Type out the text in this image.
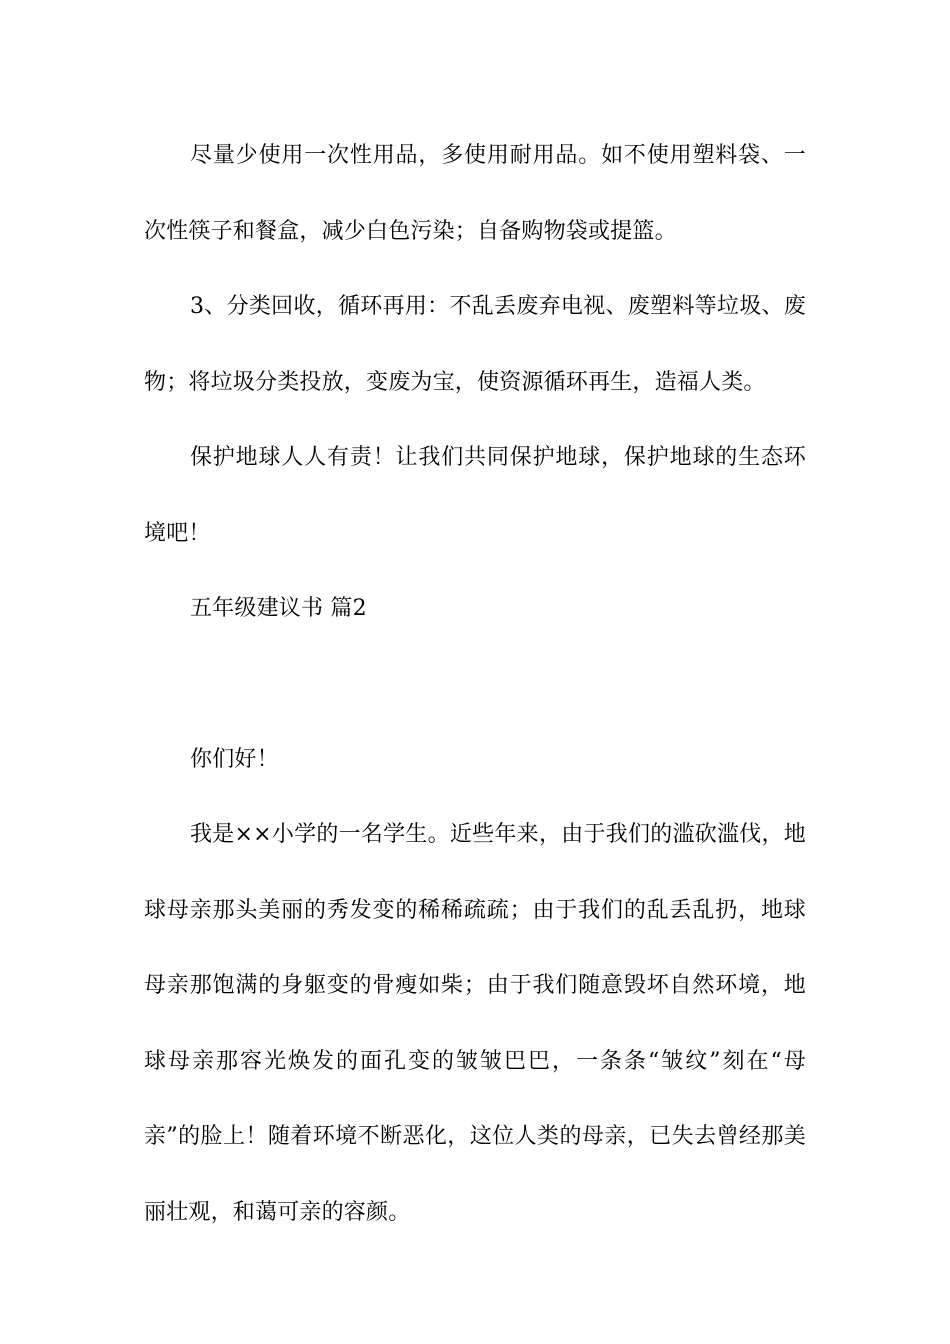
尽量少使用一次性用品，多使用耐用品。如不使用塑料袋、一次性筷子和餐盒，减少白色污染；自备购物袋或提篮。

3、分类回收，循环再用：不乱丢废弃电视、废塑料等垃圾、废物；将垃圾分类投放，变废为宝，使资源循环再生，造福人类。

保护地球人人有责！让我们共同保护地球，保护地球的生态环境吧！

五年级建议书 篇2

你们好！

我是××小学的一名学生。近些年来，由于我们的滥砍滥伐，地球母亲那头美丽的秀发变的稀稀疏疏；由于我们的乱丢乱扔，地球母亲那饱满的身躯变的骨瘦如柴；由于我们随意毁坏自然环境，地球母亲那容光焕发的面孔变的皱皱巴巴，一条条“皱纹”刻在“母亲”的脸上！随着环境不断恶化，这位人类的母亲，已失去曾经那美丽壮观，和蔼可亲的容颜。
